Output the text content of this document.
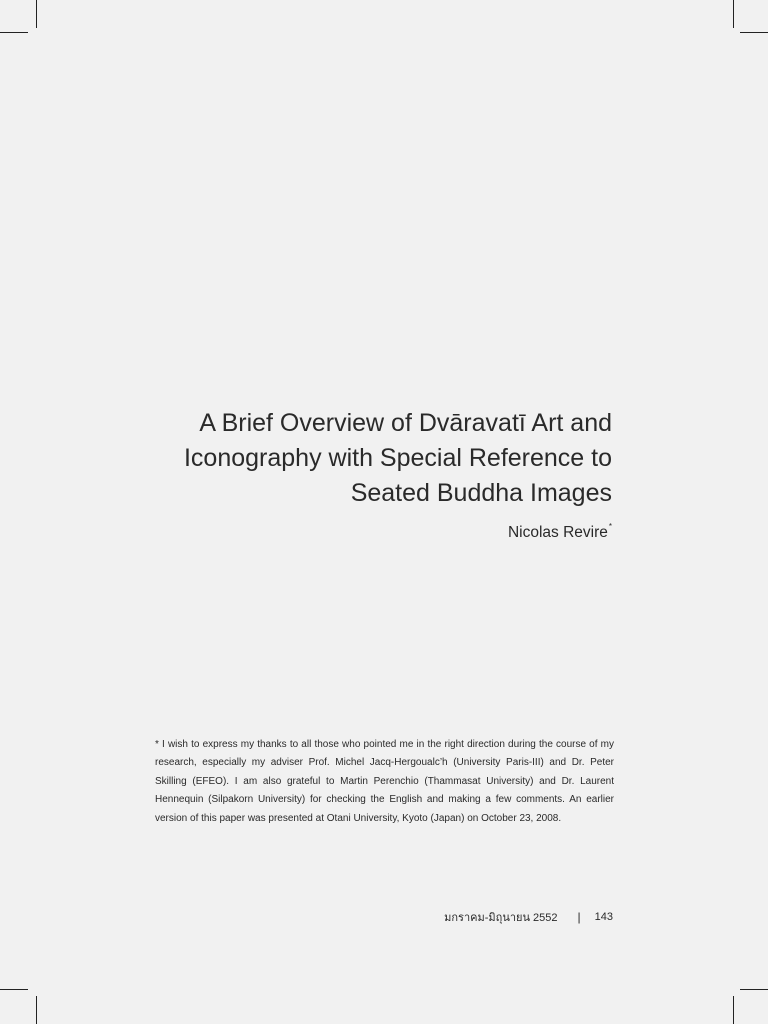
A Brief Overview of Dvāravatī Art and
Iconography with Special Reference to
Seated Buddha Images
Nicolas Revire*

* I wish to express my thanks to all those who pointed me in the right direction during the course of my research, especially my adviser Prof. Michel Jacq-Hergoualc’h (University Paris-III) and Dr. Peter Skilling (EFEO). I am also grateful to Martin Perenchio (Thammasat University) and Dr. Laurent Hennequin (Silpakorn University) for checking the English and making a few comments. An earlier version of this paper was presented at Otani University, Kyoto (Japan) on October 23, 2008.

มกราคม-มิถุนายน 2552 | 143
